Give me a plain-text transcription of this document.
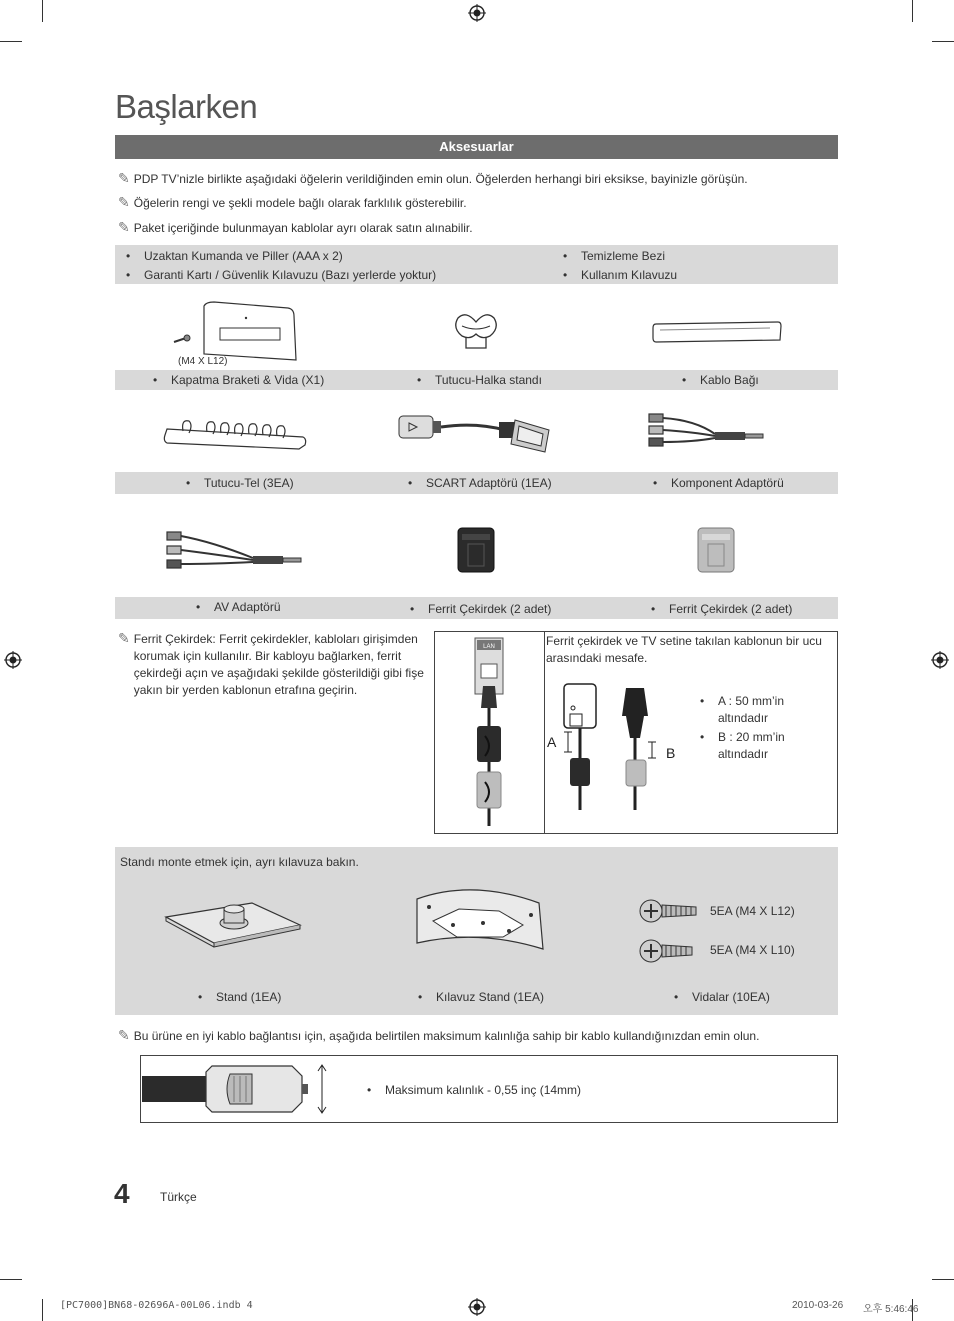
Başlarken
Aksesuarlar
✎ PDP TV’nizle birlikte aşağıdaki öğelerin verildiğinden emin olun. Öğelerden herhangi biri eksikse, bayinizle görüşün.
✎ Öğelerin rengi ve şekli modele bağlı olarak farklılık gösterebilir.
✎ Paket içeriğinde bulunmayan kablolar ayrı olarak satın alınabilir.
• Uzaktan Kumanda ve Piller (AAA x 2)
• Garanti Kartı / Güvenlik Kılavuzu (Bazı yerlerde yoktur)
• Temizleme Bezi
• Kullanım Kılavuzu
(M4 X L12)
• Kapatma Braketi & Vida (X1)	• Tutucu-Halka standı	• Kablo Bağı
• Tutucu-Tel (3EA)	• SCART Adaptörü (1EA)	• Komponent Adaptörü
• AV Adaptörü	• Ferrit Çekirdek (2 adet)	• Ferrit Çekirdek (2 adet)
✎ Ferrit Çekirdek: Ferrit çekirdekler, kabloları girişimden korumak için kullanılır. Bir kabloyu bağlarken, ferrit çekirdeği açın ve aşağıdaki şekilde gösterildiği gibi fişe yakın bir yerden kablonun etrafına geçirin.
LAN	Ferrit çekirdek ve TV setine takılan kablonun bir ucu arasındaki mesafe.
A
B
•	A : 50 mm’in
altındadır
•	B : 20 mm’in
altındadır
Standı monte etmek için, ayrı kılavuza bakın.
5EA (M4 X L12)
5EA (M4 X L10)
• Stand (1EA)	• Kılavuz Stand (1EA)	• Vidalar (10EA)
✎ Bu ürüne en iyi kablo bağlantısı için, aşağıda belirtilen maksimum kalınlığa sahip bir kablo kullandığınızdan emin olun.
• Maksimum kalınlık - 0,55 inç (14mm)
4	Türkçe
[PC7000]BN68-02696A-00L06.indb 4	2010-03-26 오후 5:46:46
